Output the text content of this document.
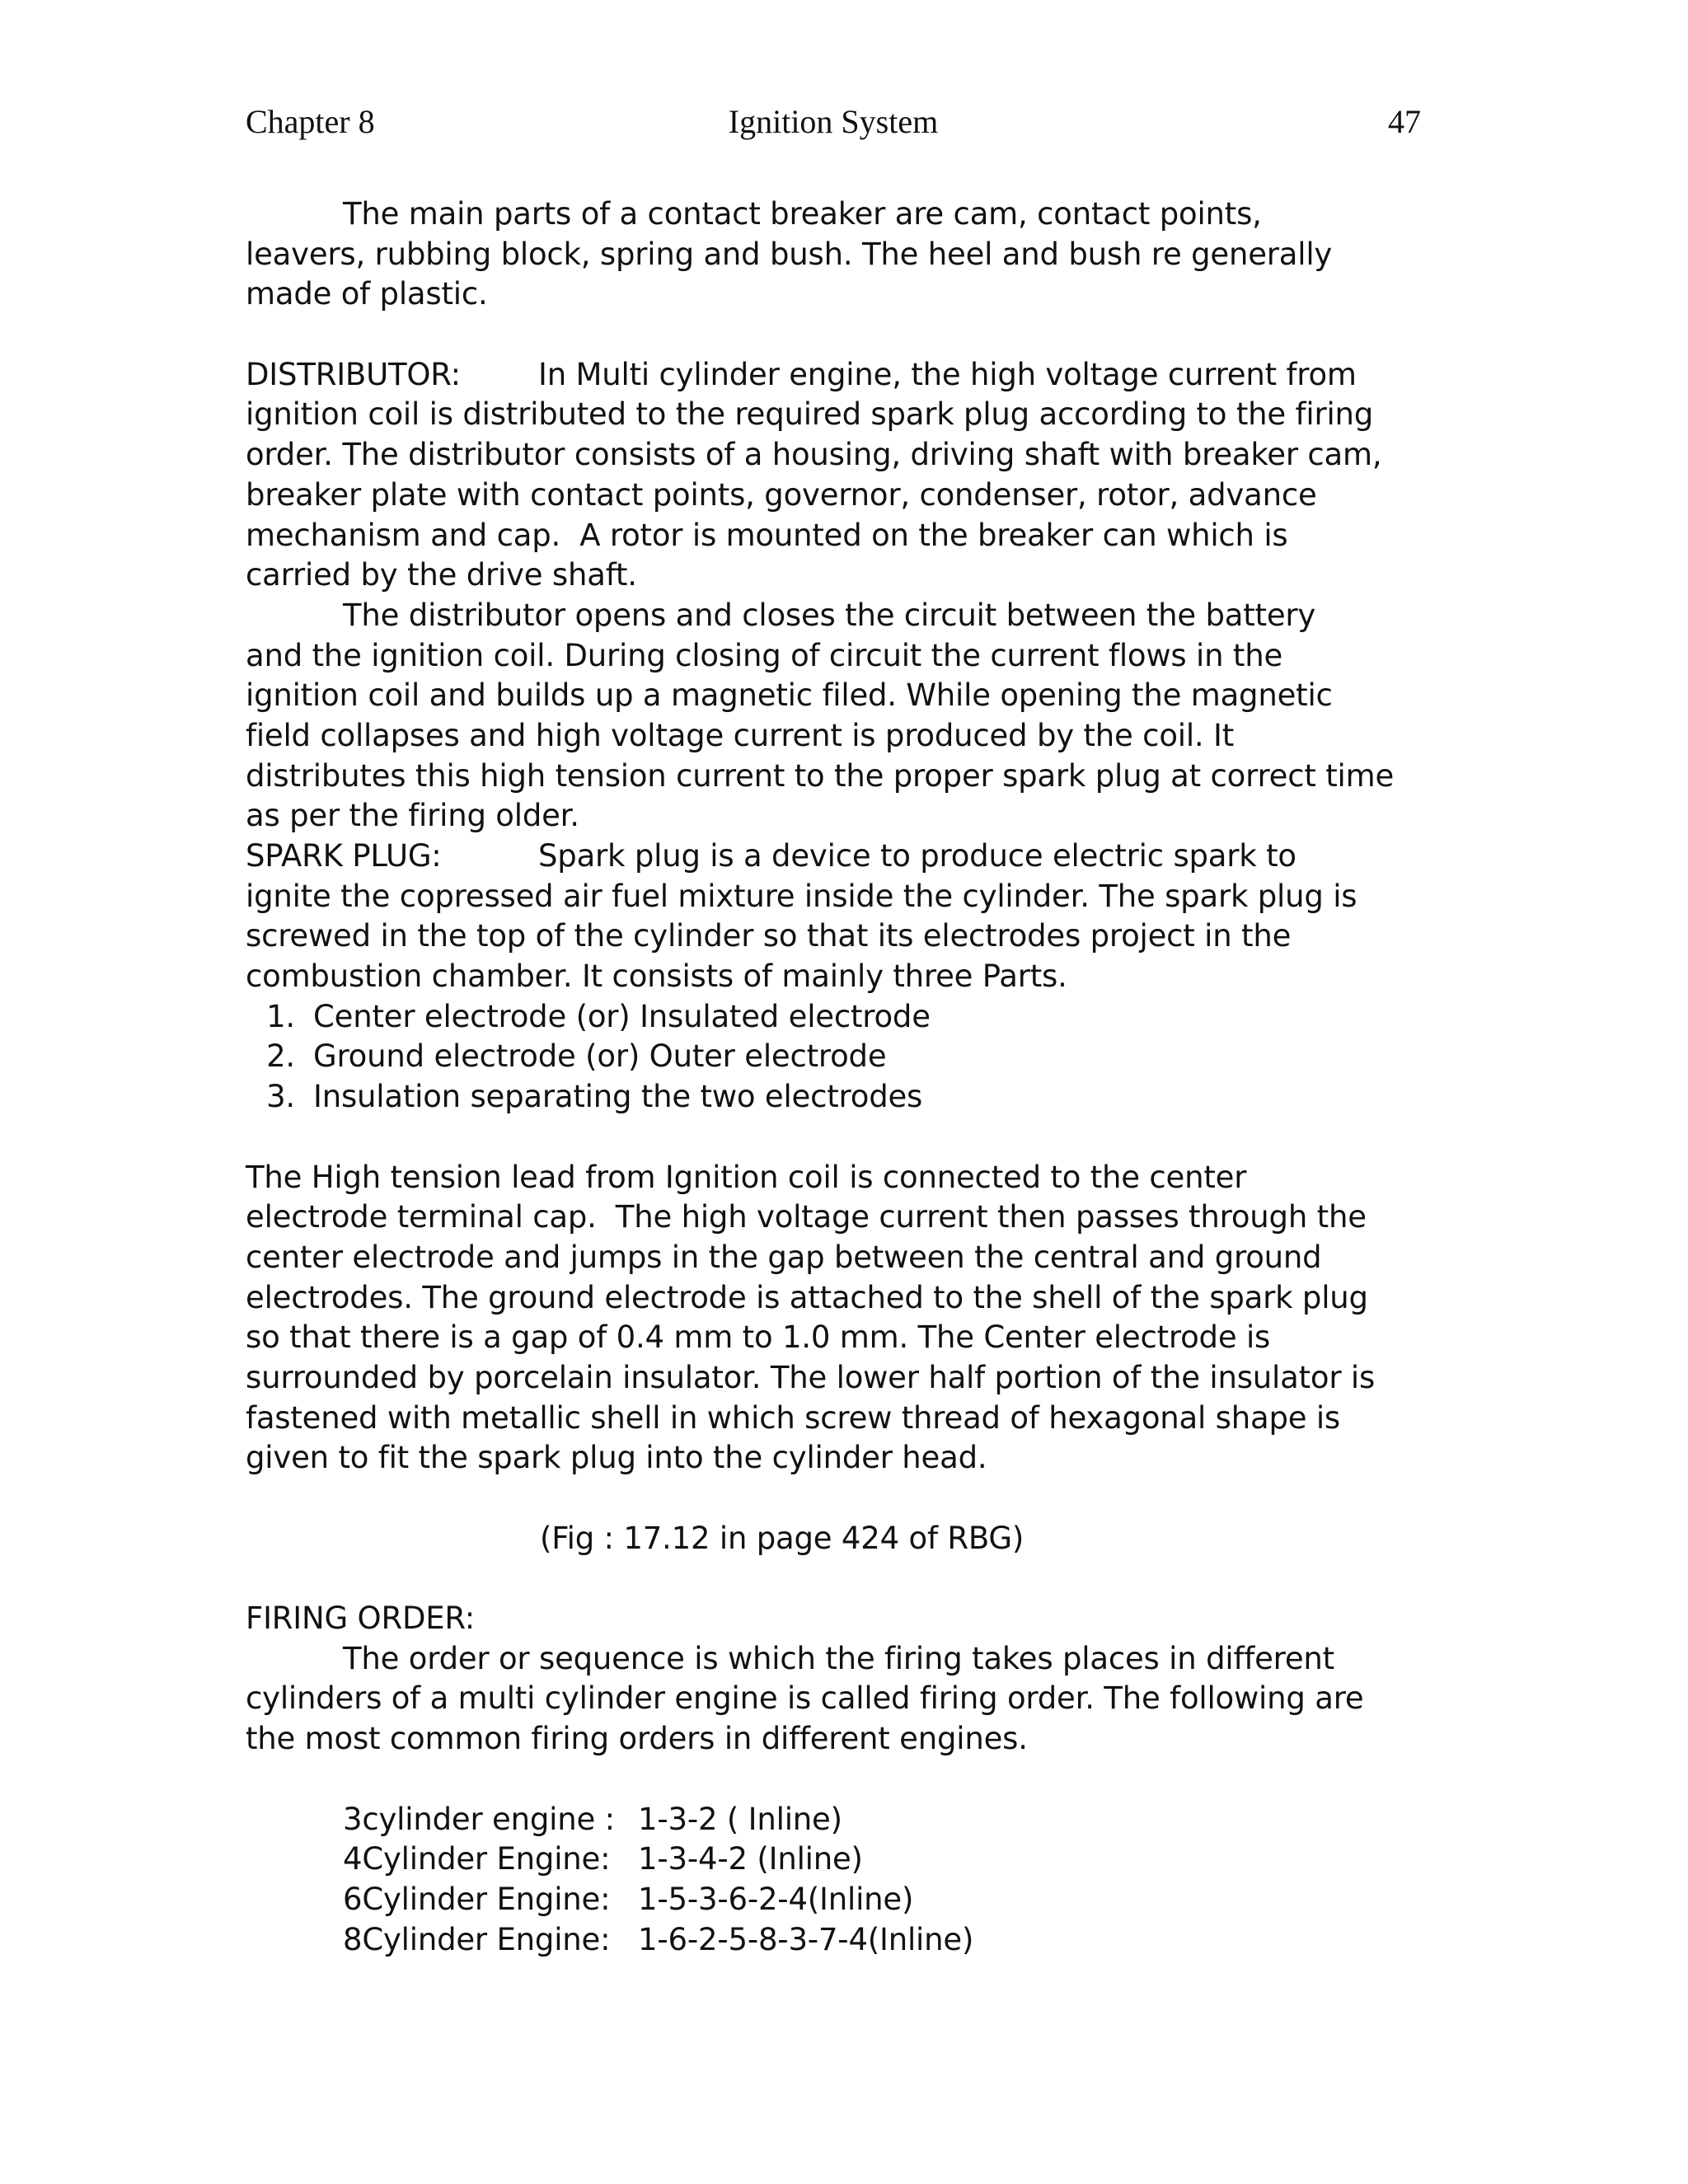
Chapter 8	Ignition System	47
The main parts of a contact breaker are cam, contact points,
leavers, rubbing block, spring and bush. The heel and bush re generally
made of plastic.
DISTRIBUTOR:	In Multi cylinder engine, the high voltage current from
ignition coil is distributed to the required spark plug according to the firing
order. The distributor consists of a housing, driving shaft with breaker cam,
breaker plate with contact points, governor, condenser, rotor, advance
mechanism and cap.  A rotor is mounted on the breaker can which is
carried by the drive shaft.
The distributor opens and closes the circuit between the battery
and the ignition coil. During closing of circuit the current flows in the
ignition coil and builds up a magnetic filed. While opening the magnetic
field collapses and high voltage current is produced by the coil. It
distributes this high tension current to the proper spark plug at correct time
as per the firing older.
SPARK PLUG:	Spark plug is a device to produce electric spark to
ignite the copressed air fuel mixture inside the cylinder. The spark plug is
screwed in the top of the cylinder so that its electrodes project in the
combustion chamber. It consists of mainly three Parts.
1. Center electrode (or) Insulated electrode
2. Ground electrode (or) Outer electrode
3. Insulation separating the two electrodes
The High tension lead from Ignition coil is connected to the center
electrode terminal cap.  The high voltage current then passes through the
center electrode and jumps in the gap between the central and ground
electrodes. The ground electrode is attached to the shell of the spark plug
so that there is a gap of 0.4 mm to 1.0 mm. The Center electrode is
surrounded by porcelain insulator. The lower half portion of the insulator is
fastened with metallic shell in which screw thread of hexagonal shape is
given to fit the spark plug into the cylinder head.
(Fig : 17.12 in page 424 of RBG)
FIRING ORDER:
The order or sequence is which the firing takes places in different
cylinders of a multi cylinder engine is called firing order. The following are
the most common firing orders in different engines.
3cylinder engine : 1-3-2 ( Inline)
4Cylinder Engine: 1-3-4-2 (Inline)
6Cylinder Engine: 1-5-3-6-2-4(Inline)
8Cylinder Engine: 1-6-2-5-8-3-7-4(Inline)
